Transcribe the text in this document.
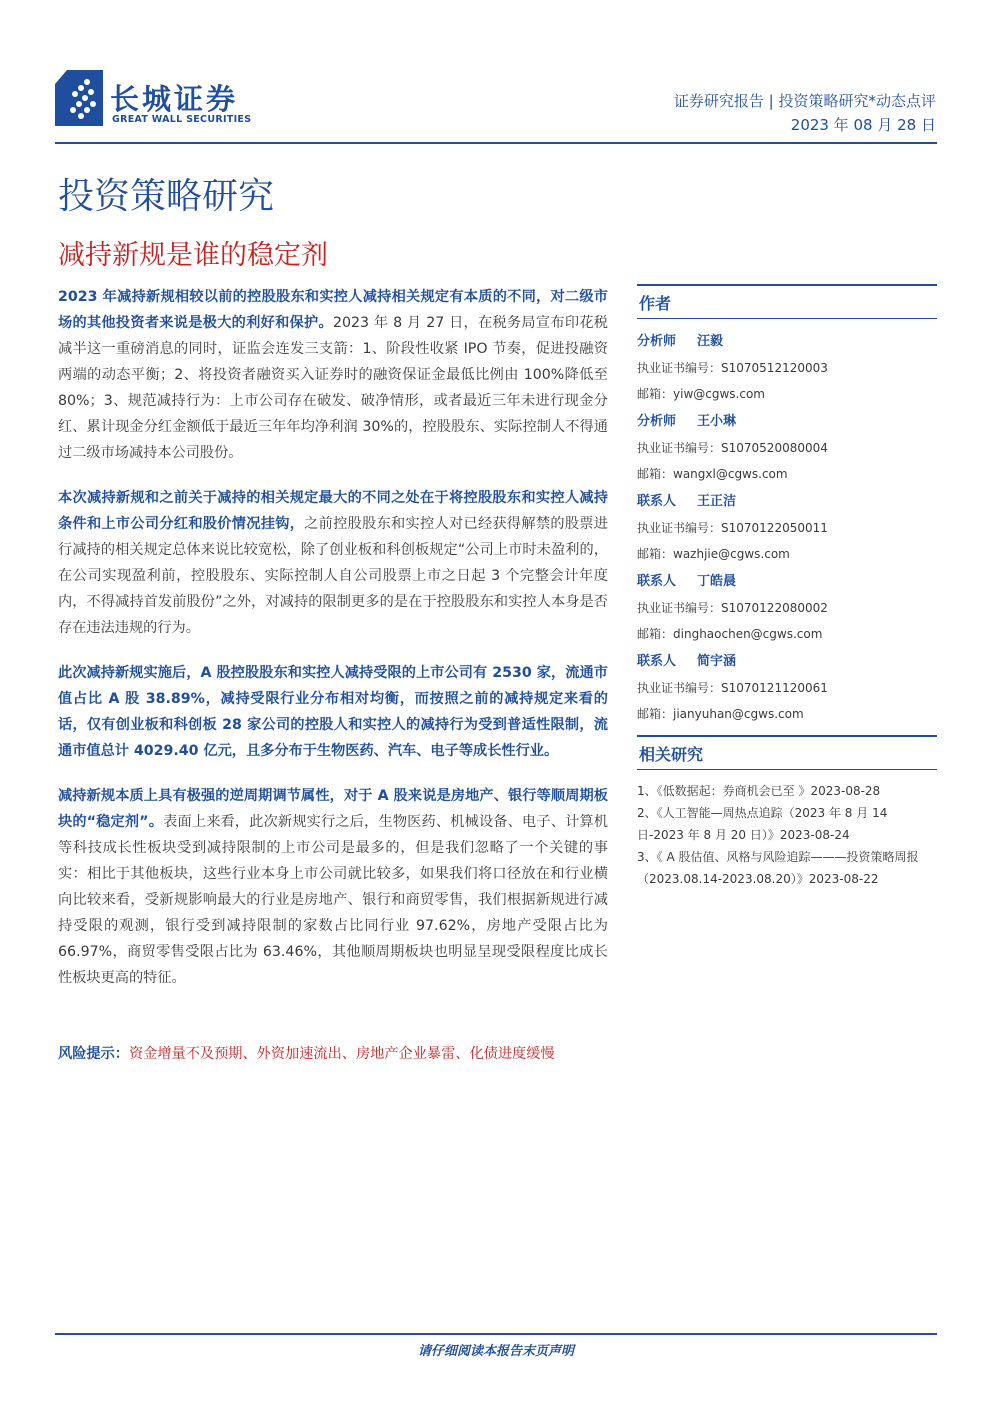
长城证券
GREAT WALL SECURITIES
证券研究报告 | 投资策略研究*动态点评
2023 年 08 月 28 日
投资策略研究
减持新规是谁的稳定剂

2023 年减持新规相较以前的控股股东和实控人减持相关规定有本质的不同，对二级市场的其他投资者来说是极大的利好和保护。2023 年 8 月 27 日，在税务局宣布印花税减半这一重磅消息的同时，证监会连发三支箭：1、阶段性收紧 IPO 节奏，促进投融资两端的动态平衡；2、将投资者融资买入证券时的融资保证金最低比例由 100%降低至 80%；3、规范减持行为：上市公司存在破发、破净情形，或者最近三年未进行现金分红、累计现金分红金额低于最近三年年均净利润 30%的，控股股东、实际控制人不得通过二级市场减持本公司股份。

本次减持新规和之前关于减持的相关规定最大的不同之处在于将控股股东和实控人减持条件和上市公司分红和股价情况挂钩，之前控股股东和实控人对已经获得解禁的股票进行减持的相关规定总体来说比较宽松，除了创业板和科创板规定“公司上市时未盈利的，在公司实现盈利前，控股股东、实际控制人自公司股票上市之日起 3 个完整会计年度内，不得减持首发前股份”之外，对减持的限制更多的是在于控股股东和实控人本身是否存在违法违规的行为。

此次减持新规实施后，A 股控股股东和实控人减持受限的上市公司有 2530 家，流通市值占比 A 股 38.89%，减持受限行业分布相对均衡，而按照之前的减持规定来看的话，仅有创业板和科创板 28 家公司的控股人和实控人的减持行为受到普适性限制，流通市值总计 4029.40 亿元，且多分布于生物医药、汽车、电子等成长性行业。

减持新规本质上具有极强的逆周期调节属性，对于 A 股来说是房地产、银行等顺周期板块的“稳定剂”。表面上来看，此次新规实行之后，生物医药、机械设备、电子、计算机等科技成长性板块受到减持限制的上市公司是最多的，但是我们忽略了一个关键的事实：相比于其他板块，这些行业本身上市公司就比较多，如果我们将口径放在和行业横向比较来看，受新规影响最大的行业是房地产、银行和商贸零售，我们根据新规进行减持受限的观测，银行受到减持限制的家数占比同行业 97.62%，房地产受限占比为 66.97%，商贸零售受限占比为 63.46%，其他顺周期板块也明显呈现受限程度比成长性板块更高的特征。

风险提示：资金增量不及预期、外资加速流出、房地产企业暴雷、化债进度缓慢

作者
分析师 汪毅
执业证书编号：S1070512120003
邮箱：yiw@cgws.com
分析师 王小琳
执业证书编号：S1070520080004
邮箱：wangxl@cgws.com
联系人 王正洁
执业证书编号：S1070122050011
邮箱：wazhjie@cgws.com
联系人 丁皓晨
执业证书编号：S1070122080002
邮箱：dinghaochen@cgws.com
联系人 简宇涵
执业证书编号：S1070121120061
邮箱：jianyuhan@cgws.com
相关研究
1、《低数据起：券商机会已至 》2023-08-28
2、《人工智能—周热点追踪（2023 年 8 月 14 日-2023 年 8 月 20 日）》2023-08-24
3、《 A 股估值、风格与风险追踪———投资策略周报（2023.08.14-2023.08.20）》2023-08-22
请仔细阅读本报告末页声明
